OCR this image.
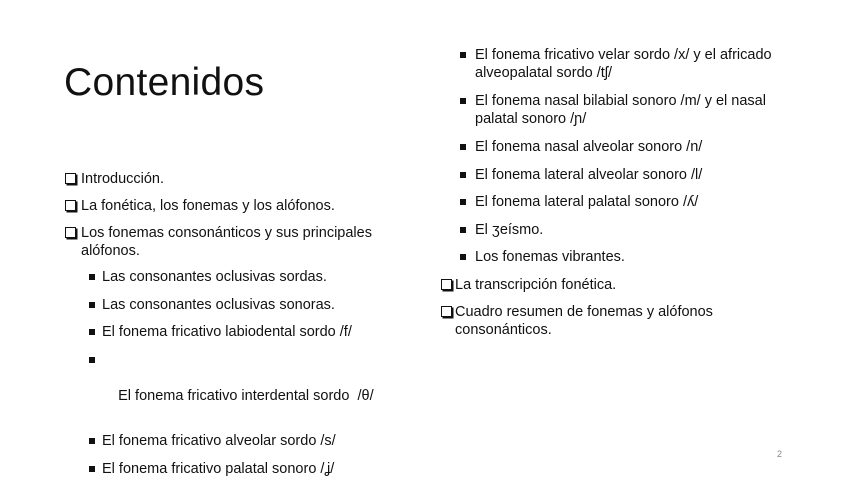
Contenidos
Introducción.
La fonética, los fonemas y los alófonos.
Los fonemas consonánticos y sus principales alófonos.
Las consonantes oclusivas sordas.
Las consonantes oclusivas sonoras.
El fonema fricativo labiodental sordo /f/

El fonema fricativo interdental sordo  /θ/

El fonema fricativo alveolar sordo /s/
El fonema fricativo palatal sonoro /ʝ/
El fonema fricativo velar sordo /x/ y el africado alveopalatal sordo /tʃ/
El fonema nasal bilabial sonoro /m/ y el nasal palatal sonoro /ɲ/
El fonema nasal alveolar sonoro /n/
El fonema lateral alveolar sonoro /l/
El fonema lateral palatal sonoro /ʎ/
El ʒeísmo.
Los fonemas vibrantes.
La transcripción fonética.
Cuadro resumen de fonemas y alófonos consonánticos.
2
